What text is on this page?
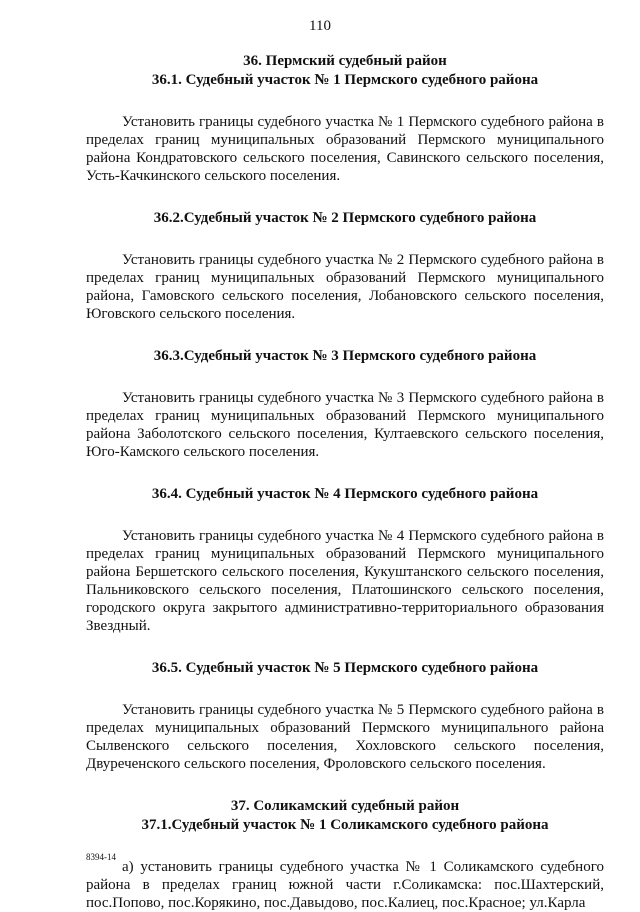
110

36. Пермский судебный район

36.1. Судебный участок № 1 Пермского судебного района

Установить границы судебного участка № 1 Пермского судебного района в пределах границ муниципальных образований Пермского муниципального района Кондратовского сельского поселения, Савинского сельского поселения, Усть-Качкинского сельского поселения.

36.2.Судебный участок № 2 Пермского судебного района

Установить границы судебного участка № 2 Пермского судебного района в пределах границ муниципальных образований Пермского муниципального района, Гамовского сельского поселения, Лобановского сельского поселения, Юговского сельского поселения.

36.3.Судебный участок № 3 Пермского судебного района

Установить границы судебного участка № 3 Пермского судебного района в пределах границ муниципальных образований Пермского муниципального района Заболотского сельского поселения, Култаевского сельского поселения, Юго-Камского сельского поселения.

36.4. Судебный участок № 4 Пермского судебного района

Установить границы судебного участка № 4 Пермского судебного района в пределах границ муниципальных образований Пермского муниципального района Бершетского сельского поселения, Кукуштанского сельского поселения, Пальниковского сельского поселения, Платошинского сельского поселения, городского округа закрытого административно-территориального образования Звездный.

36.5. Судебный участок № 5 Пермского судебного района

Установить границы судебного участка № 5 Пермского судебного района в пределах муниципальных образований Пермского муниципального района Сылвенского сельского поселения, Хохловского сельского поселения, Двуреченского сельского поселения, Фроловского сельского поселения.

37. Соликамский судебный район

37.1.Судебный участок № 1 Соликамского судебного района

а) установить границы судебного участка № 1 Соликамского судебного района в пределах границ южной части г.Соликамска: пос.Шахтерский, пос.Попово, пос.Корякино, пос.Давыдово, пос.Калиец, пос.Красное; ул.Карла

8394-14
